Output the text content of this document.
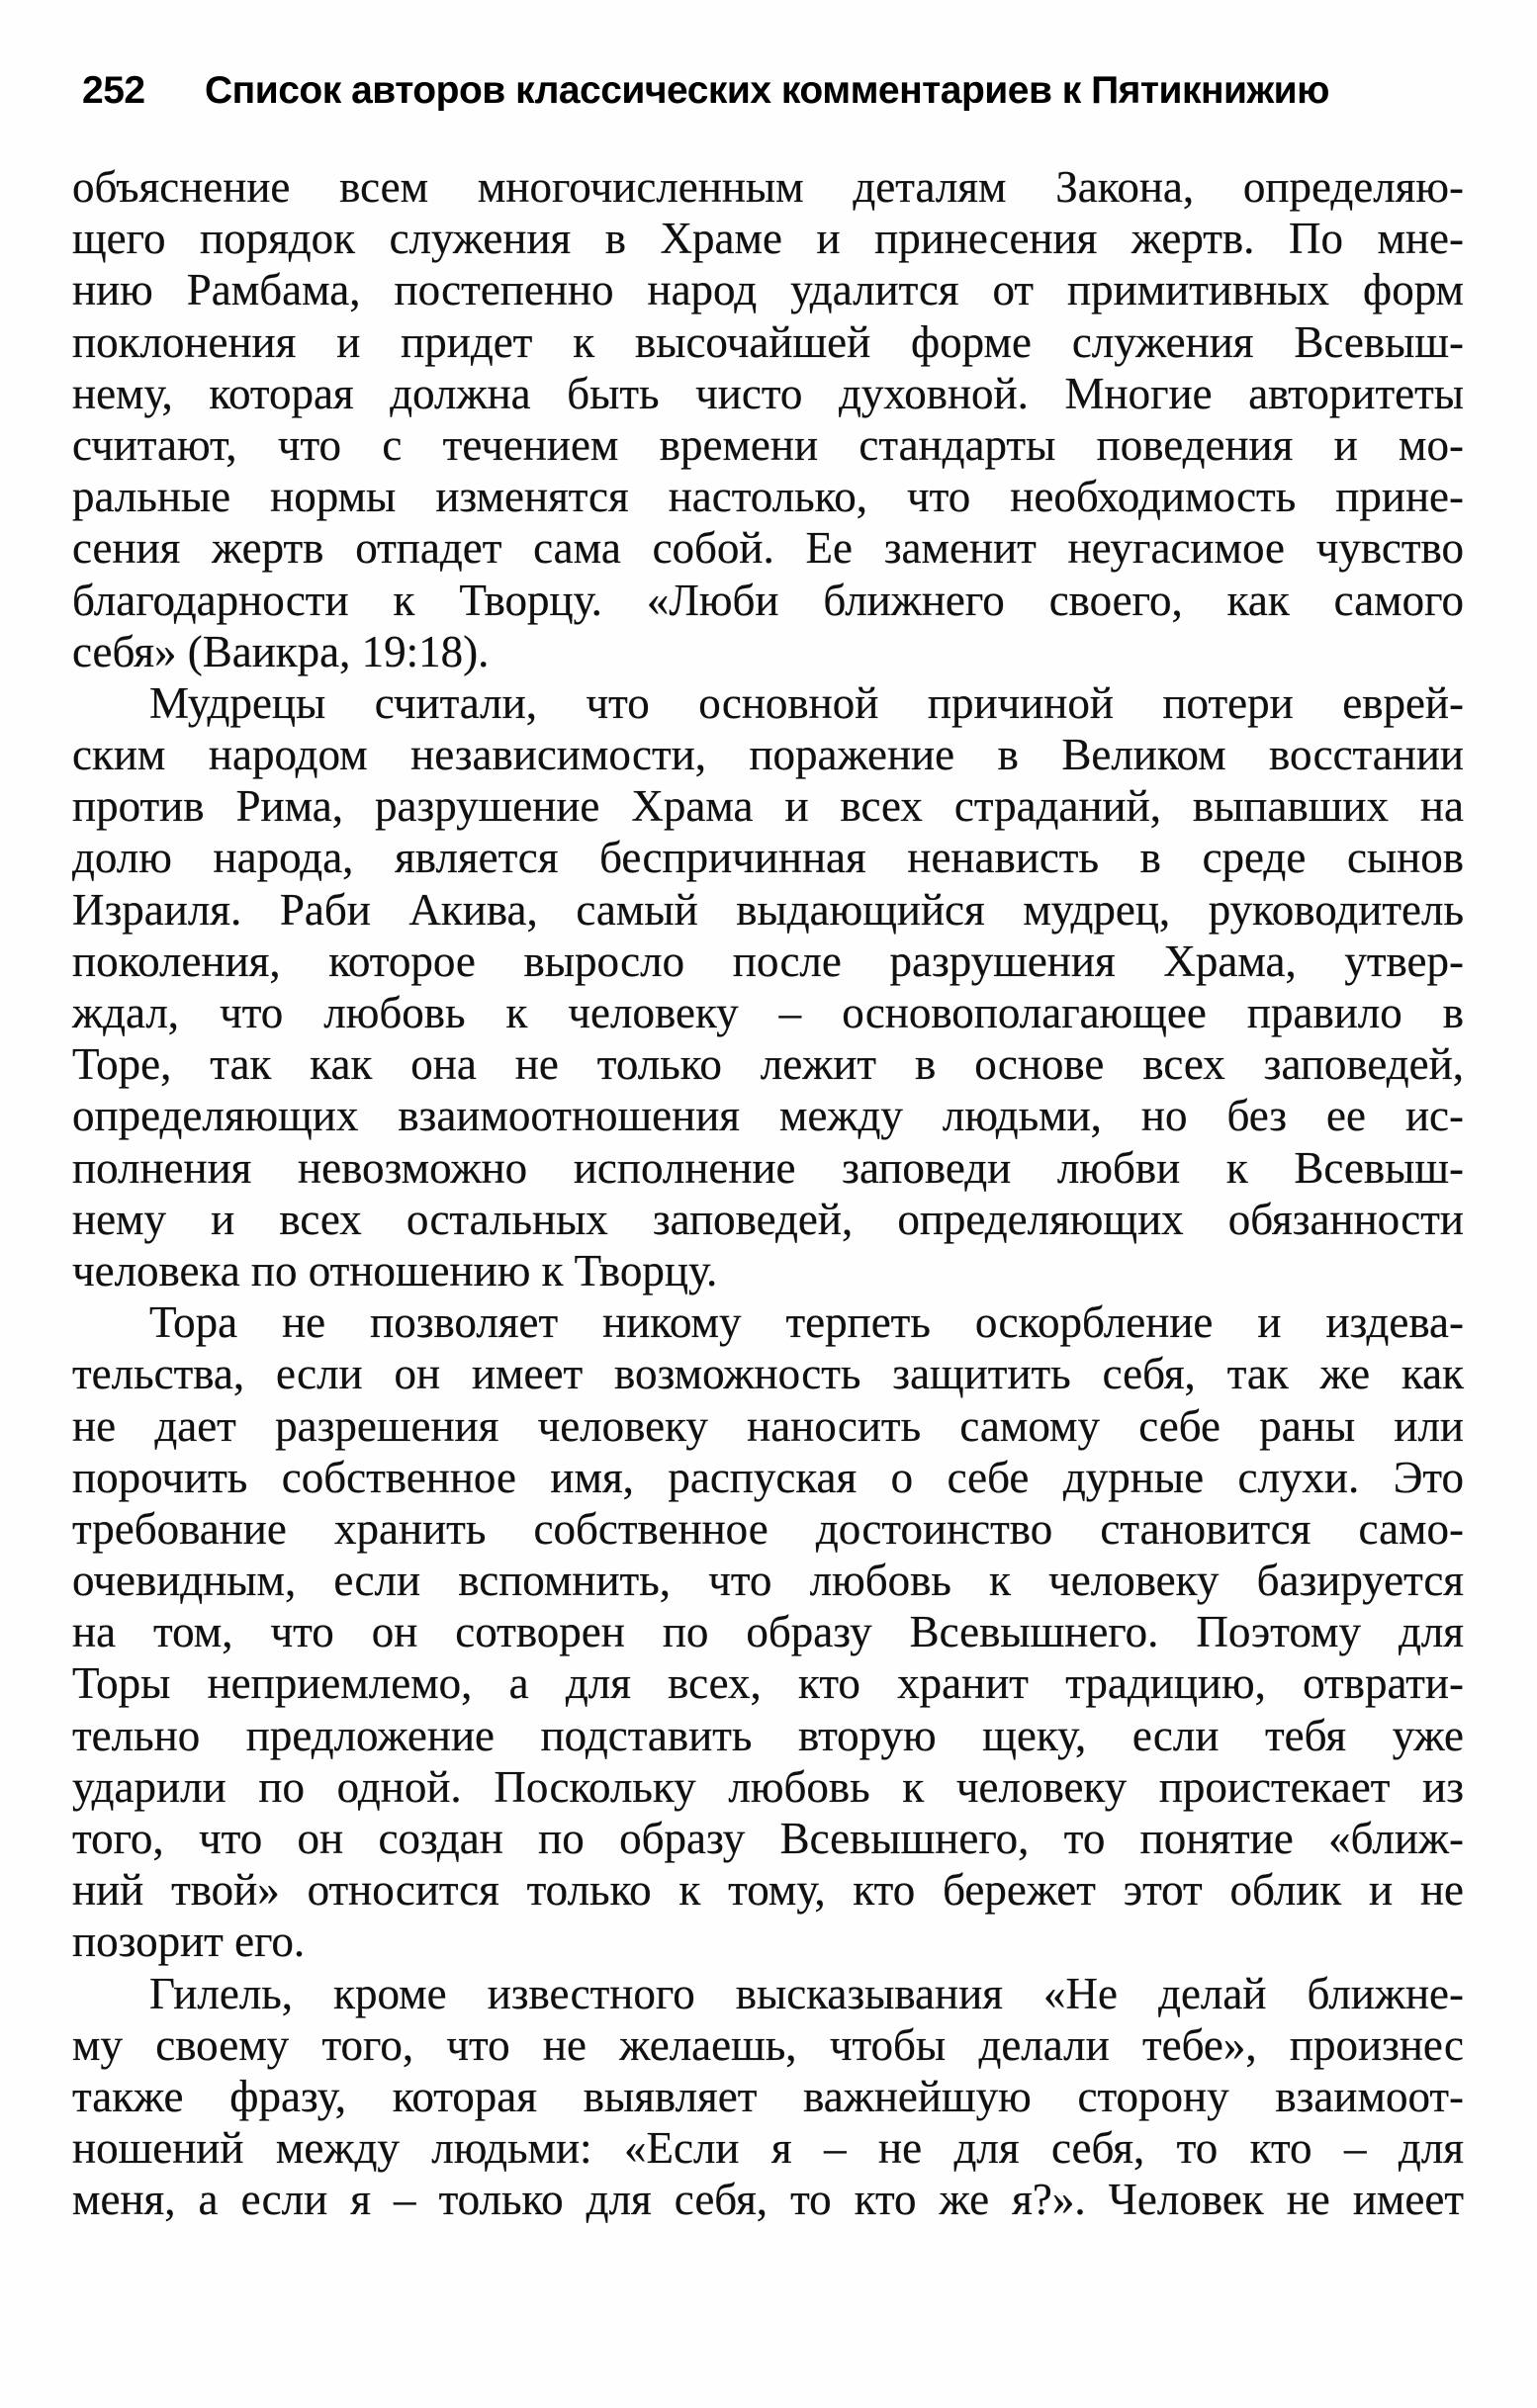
252	Список авторов классических комментариев к Пятикнижию
объяснение всем многочисленным деталям Закона, определяю-
щего порядок служения в Храме и принесения жертв. По мне-
нию Рамбама, постепенно народ удалится от примитивных форм
поклонения и придет к высочайшей форме служения Всевыш-
нему, которая должна быть чисто духовной. Многие авторитеты
считают, что с течением времени стандарты поведения и мо-
ральные нормы изменятся настолько, что необходимость прине-
сения жертв отпадет сама собой. Ее заменит неугасимое чувство
благодарности к Творцу. «Люби ближнего своего, как самого
себя» (Ваикра, 19:18).
Мудрецы считали, что основной причиной потери еврей-
ским народом независимости, поражение в Великом восстании
против Рима, разрушение Храма и всех страданий, выпавших на
долю народа, является беспричинная ненависть в среде сынов
Израиля. Раби Акива, самый выдающийся мудрец, руководитель
поколения, которое выросло после разрушения Храма, утвер-
ждал, что любовь к человеку – основополагающее правило в
Торе, так как она не только лежит в основе всех заповедей,
определяющих взаимоотношения между людьми, но без ее ис-
полнения невозможно исполнение заповеди любви к Всевыш-
нему и всех остальных заповедей, определяющих обязанности
человека по отношению к Творцу.
Тора не позволяет никому терпеть оскорбление и издева-
тельства, если он имеет возможность защитить себя, так же как
не дает разрешения человеку наносить самому себе раны или
порочить собственное имя, распуская о себе дурные слухи. Это
требование хранить собственное достоинство становится само-
очевидным, если вспомнить, что любовь к человеку базируется
на том, что он сотворен по образу Всевышнего. Поэтому для
Торы неприемлемо, а для всех, кто хранит традицию, отврати-
тельно предложение подставить вторую щеку, если тебя уже
ударили по одной. Поскольку любовь к человеку проистекает из
того, что он создан по образу Всевышнего, то понятие «ближ-
ний твой» относится только к тому, кто бережет этот облик и не
позорит его.
Гилель, кроме известного высказывания «Не делай ближне-
му своему того, что не желаешь, чтобы делали тебе», произнес
также фразу, которая выявляет важнейшую сторону взаимоот-
ношений между людьми: «Если я – не для себя, то кто – для
меня, а если я – только для себя, то кто же я?». Человек не имеет
